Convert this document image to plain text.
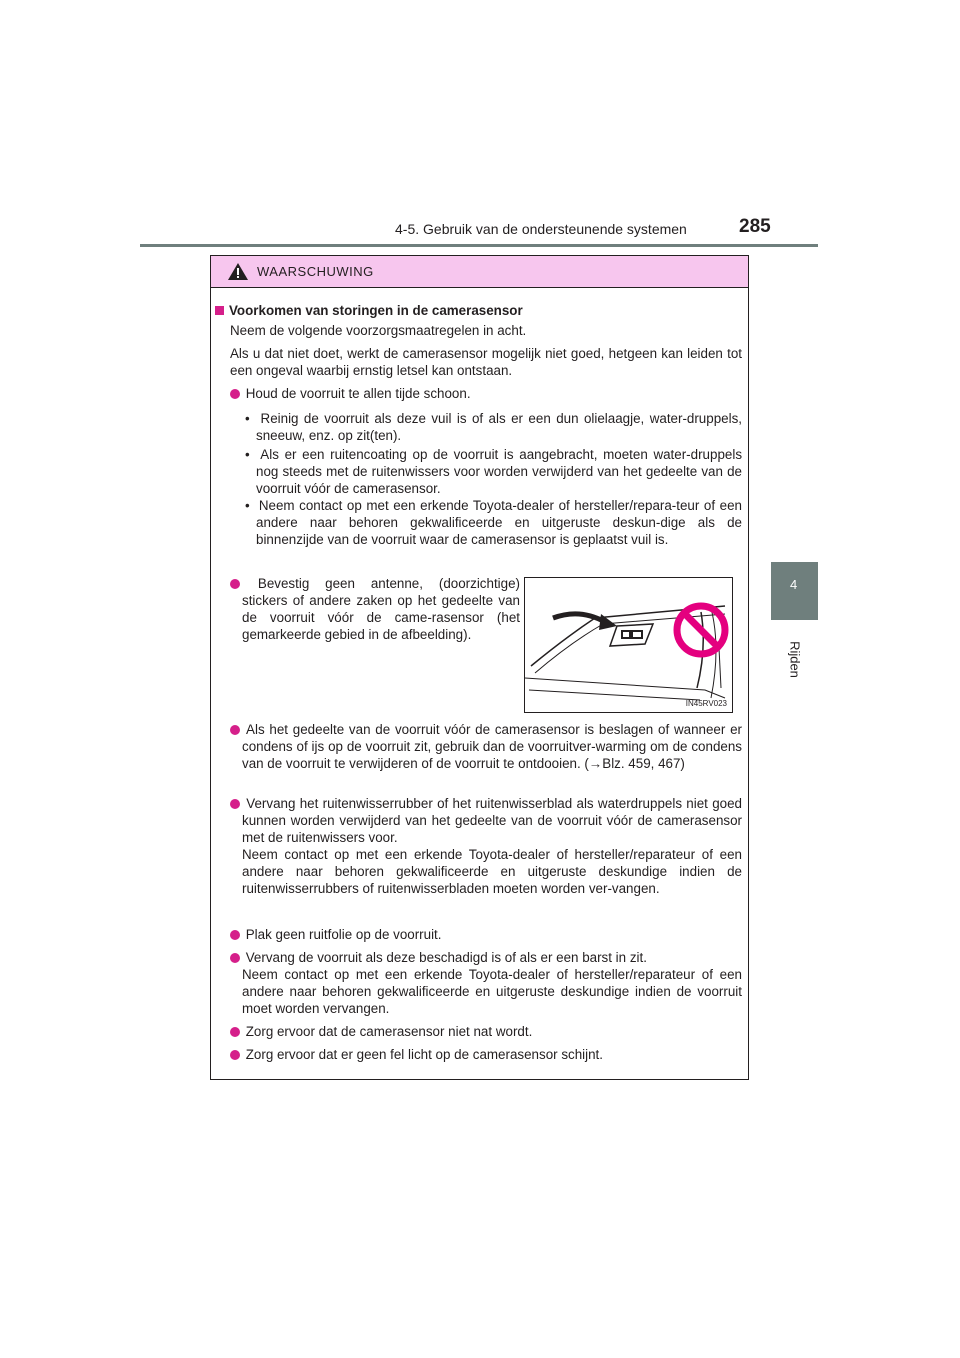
4-5. Gebruik van de ondersteunende systemen	285
4
Rijden
WAARSCHUWING

Voorkomen van storingen in de camerasensor

Neem de volgende voorzorgsmaatregelen in acht.

Als u dat niet doet, werkt de camerasensor mogelijk niet goed, hetgeen kan leiden tot een ongeval waarbij ernstig letsel kan ontstaan.

Houd de voorruit te allen tijde schoon.

•  Reinig de voorruit als deze vuil is of als er een dun olielaagje, water-druppels, sneeuw, enz. op zit(ten).

•  Als er een ruitencoating op de voorruit is aangebracht, moeten water-druppels nog steeds met de ruitenwissers voor worden verwijderd van het gedeelte van de voorruit vóór de camerasensor.

•  Neem contact op met een erkende Toyota-dealer of hersteller/repara-teur of een andere naar behoren gekwalificeerde en uitgeruste deskun-dige als de binnenzijde van de voorruit waar de camerasensor is geplaatst vuil is.

Bevestig geen antenne, (doorzichtige) stickers of andere zaken op het gedeelte van de voorruit vóór de came-rasensor (het gemarkeerde gebied in de afbeelding).

Als het gedeelte van de voorruit vóór de camerasensor is beslagen of wanneer er condens of ijs op de voorruit zit, gebruik dan de voorruitver-warming om de condens van de voorruit te verwijderen of de voorruit te ontdooien. (→Blz. 459, 467)

Vervang het ruitenwisserrubber of het ruitenwisserblad als waterdruppels niet goed kunnen worden verwijderd van het gedeelte van de voorruit vóór de camerasensor met de ruitenwissers voor.
Neem contact op met een erkende Toyota-dealer of hersteller/reparateur of een andere naar behoren gekwalificeerde en uitgeruste deskundige indien de ruitenwisserrubbers of ruitenwisserbladen moeten worden ver-vangen.

Plak geen ruitfolie op de voorruit.

Vervang de voorruit als deze beschadigd is of als er een barst in zit.
Neem contact op met een erkende Toyota-dealer of hersteller/reparateur of een andere naar behoren gekwalificeerde en uitgeruste deskundige indien de voorruit moet worden vervangen.

Zorg ervoor dat de camerasensor niet nat wordt.

Zorg ervoor dat er geen fel licht op de camerasensor schijnt.

IN45RV023
